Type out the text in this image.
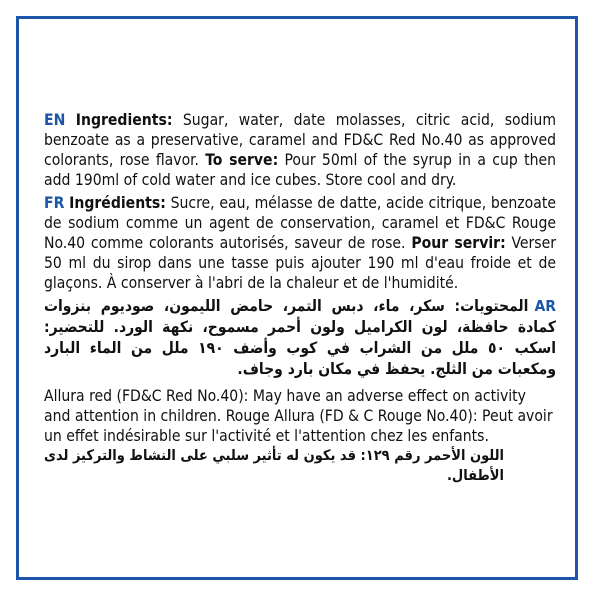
EN Ingredients: Sugar, water, date molasses, citric acid, sodium benzoate as a preservative, caramel and FD&C Red No.40 as approved colorants, rose flavor. To serve: Pour 50ml of the syrup in a cup then add 190ml of cold water and ice cubes. Store cool and dry.

FR Ingrédients: Sucre, eau, mélasse de datte, acide citrique, benzoate de sodium comme un agent de conservation, caramel et FD&C Rouge No.40 comme colorants autorisés, saveur de rose. Pour servir: Verser 50 ml du sirop dans une tasse puis ajouter 190 ml d'eau froide et de glaçons. À conserver à l'abri de la chaleur et de l'humidité.

ARالمحتويات: سكر، ماء، دبس التمر، حامض الليمون، صوديوم بنزوات كمادة حافظة، لون الكراميل ولون أحمر مسموح، نكهة الورد. للتحضير: اسكب ٥٠ ملل من الشراب في كوب وأضف ١٩٠ ملل من الماء البارد ومكعبات من الثلج. يحفظ في مكان بارد وجاف.

Allura red (FD&C Red No.40): May have an adverse effect on activity and attention in children. Rouge Allura (FD & C Rouge No.40): Peut avoir un effet indésirable sur l'activité et l'attention chez les enfants.

اللون الأحمر رقم ١٢٩: قد يكون له تأثير سلبي على النشاط والتركيز لدى الأطفال.
